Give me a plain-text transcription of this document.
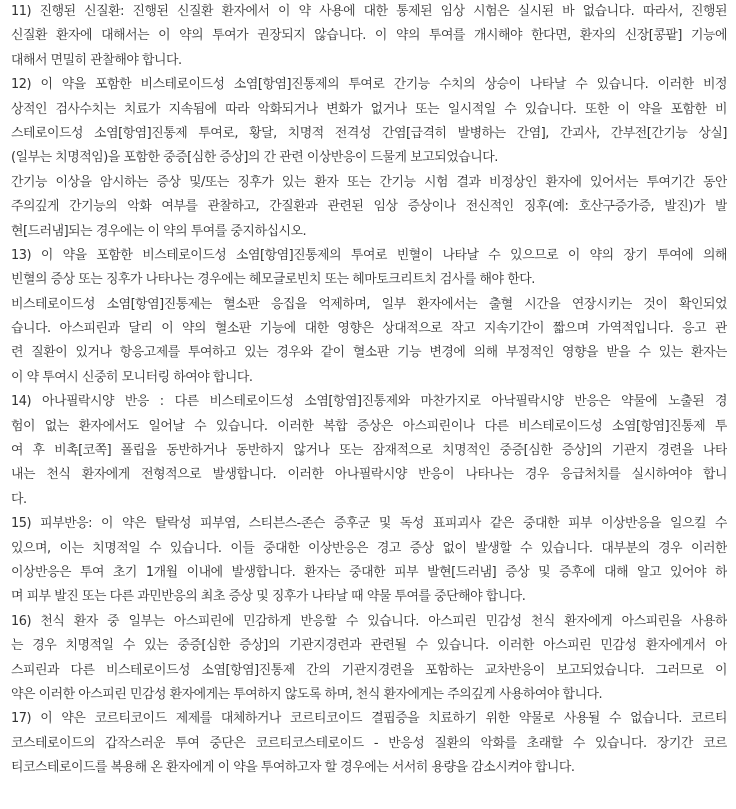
11) 진행된 신질환: 진행된 신질환 환자에서 이 약 사용에 대한 통제된 임상 시험은 실시된 바 없습니다. 따라서, 진행된
신질환 환자에 대해서는 이 약의 투여가 권장되지 않습니다. 이 약의 투여를 개시해야 한다면, 환자의 신장[콩팥] 기능에
대해서 면밀히 관찰해야 합니다.
12) 이 약을 포함한 비스테로이드성 소염[항염]진통제의 투여로 간기능 수치의 상승이 나타날 수 있습니다. 이러한 비정
상적인 검사수치는 치료가 지속됨에 따라 악화되거나 변화가 없거나 또는 일시적일 수 있습니다. 또한 이 약을 포함한 비
스테로이드성 소염[항염]진통제 투여로, 황달, 치명적 전격성 간염[급격히 발병하는 간염], 간괴사, 간부전[간기능 상실]
(일부는 치명적임)을 포함한 중증[심한 증상]의 간 관련 이상반응이 드물게 보고되었습니다.
간기능 이상을 암시하는 증상 및/또는 징후가 있는 환자 또는 간기능 시험 결과 비정상인 환자에 있어서는 투여기간 동안
주의깊게 간기능의 악화 여부를 관찰하고, 간질환과 관련된 임상 증상이나 전신적인 징후(예: 호산구증가증, 발진)가 발
현[드러냄]되는 경우에는 이 약의 투여를 중지하십시오.
13) 이 약을 포함한 비스테로이드성 소염[항염]진통제의 투여로 빈혈이 나타날 수 있으므로 이 약의 장기 투여에 의해
빈혈의 증상 또는 징후가 나타나는 경우에는 헤모글로빈치 또는 헤마토크리트치 검사를 해야 한다.
비스테로이드성 소염[항염]진통제는 혈소판 응집을 억제하며, 일부 환자에서는 출혈 시간을 연장시키는 것이 확인되었
습니다. 아스피린과 달리 이 약의 혈소판 기능에 대한 영향은 상대적으로 작고 지속기간이 짧으며 가역적입니다. 응고 관
련 질환이 있거나 항응고제를 투여하고 있는 경우와 같이 혈소판 기능 변경에 의해 부정적인 영향을 받을 수 있는 환자는
이 약 투여시 신중히 모니터링 하여야 합니다.
14) 아나필락시양 반응 : 다른 비스테로이드성 소염[항염]진통제와 마찬가지로 아낙필락시양 반응은 약물에 노출된 경
험이 없는 환자에서도 일어날 수 있습니다. 이러한 복합 증상은 아스피린이나 다른 비스테로이드성 소염[항염]진통제 투
여 후 비촉[코쪽] 폴립을 동반하거나 동반하지 않거나 또는 잠재적으로 치명적인 중증[심한 증상]의 기관지 경련을 나타
내는 천식 환자에게 전형적으로 발생합니다. 이러한 아나필락시양 반응이 나타나는 경우 응급처치를 실시하여야 합니
다.
15) 피부반응: 이 약은 탈락성 피부염, 스티븐스-존슨 증후군 및 독성 표피괴사 같은 중대한 피부 이상반응을 일으킬 수
있으며, 이는 치명적일 수 있습니다. 이들 중대한 이상반응은 경고 증상 없이 발생할 수 있습니다. 대부분의 경우 이러한
이상반응은 투여 초기 1개월 이내에 발생합니다. 환자는 중대한 피부 발현[드러냄] 증상 및 증후에 대해 알고 있어야 하
며 피부 발진 또는 다른 과민반응의 최초 증상 및 징후가 나타날 때 약물 투여를 중단해야 합니다.
16) 천식 환자 중 일부는 아스피린에 민감하게 반응할 수 있습니다. 아스피린 민감성 천식 환자에게 아스피린을 사용하
는 경우 치명적일 수 있는 중증[심한 증상]의 기관지경련과 관련될 수 있습니다. 이러한 아스피린 민감성 환자에게서 아
스피린과 다른 비스테로이드성 소염[항염]진통제 간의 기관지경련을 포함하는 교차반응이 보고되었습니다. 그러므로 이
약은 이러한 아스피린 민감성 환자에게는 투여하지 않도록 하며, 천식 환자에게는 주의깊게 사용하여야 합니다.
17) 이 약은 코르티코이드 제제를 대체하거나 코르티코이드 결핍증을 치료하기 위한 약물로 사용될 수 없습니다. 코르티
코스테로이드의 갑작스러운 투여 중단은 코르티코스테로이드 - 반응성 질환의 악화를 초래할 수 있습니다. 장기간 코르
티코스테로이드를 복용해 온 환자에게 이 약을 투여하고자 할 경우에는 서서히 용량을 감소시켜야 합니다.
